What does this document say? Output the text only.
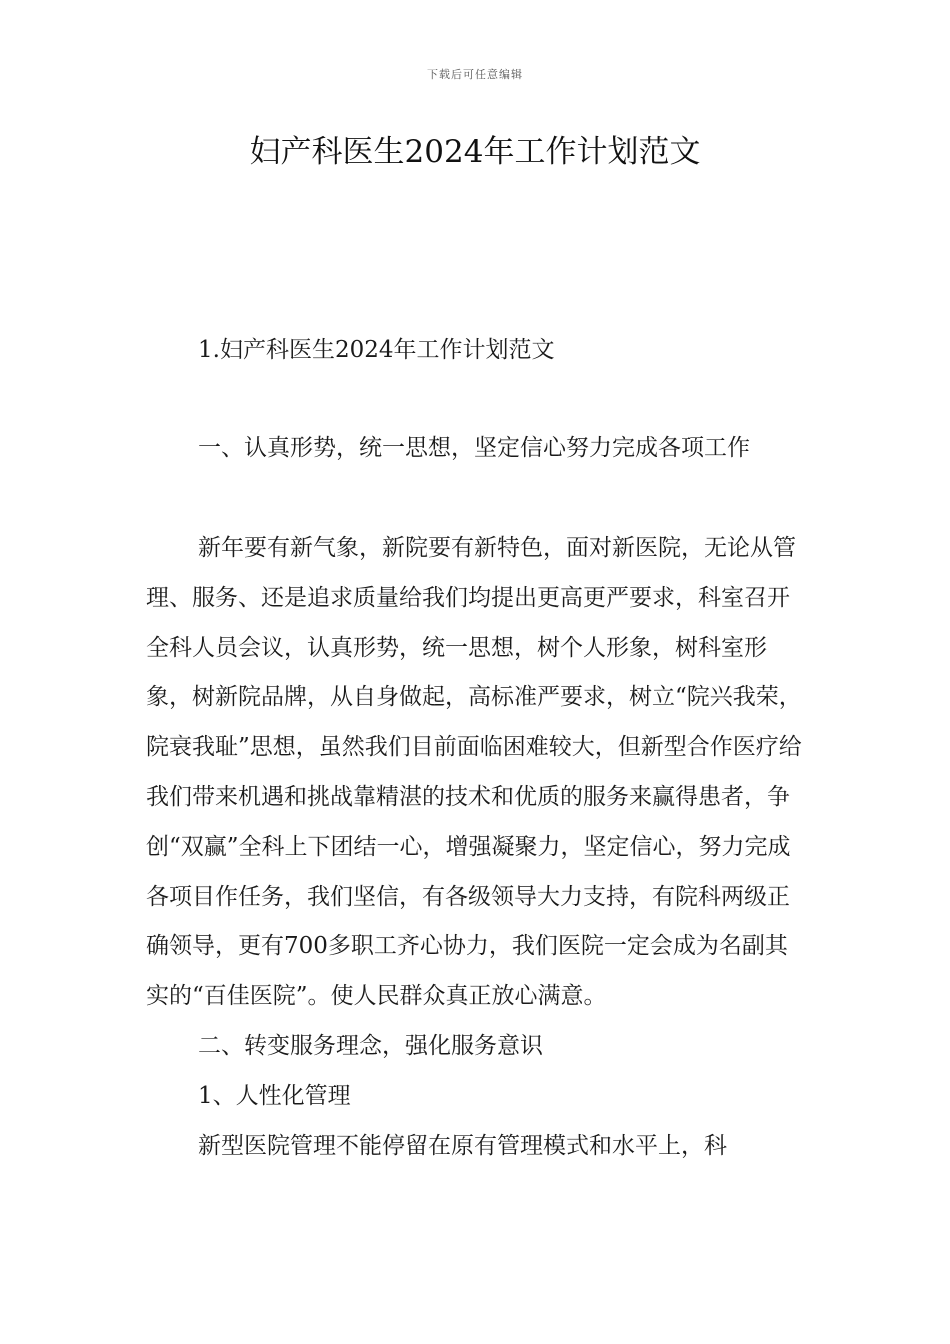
下载后可任意编辑
妇产科医生2024年工作计划范文

1.妇产科医生2024年工作计划范文

一、认真形势，统一思想，坚定信心努力完成各项工作

新年要有新气象，新院要有新特色，面对新医院，无论从管理、服务、还是追求质量给我们均提出更高更严要求，科室召开全科人员会议，认真形势，统一思想，树个人形象，树科室形象，树新院品牌，从自身做起，高标准严要求，树立“院兴我荣，院衰我耻”思想，虽然我们目前面临困难较大，但新型合作医疗给我们带来机遇和挑战靠精湛的技术和优质的服务来赢得患者，争创“双赢”全科上下团结一心，增强凝聚力，坚定信心，努力完成各项目作任务，我们坚信，有各级领导大力支持，有院科两级正确领导，更有700多职工齐心协力，我们医院一定会成为名副其实的“百佳医院”。使人民群众真正放心满意。

二、转变服务理念，强化服务意识

1、人性化管理

新型医院管理不能停留在原有管理模式和水平上，科
